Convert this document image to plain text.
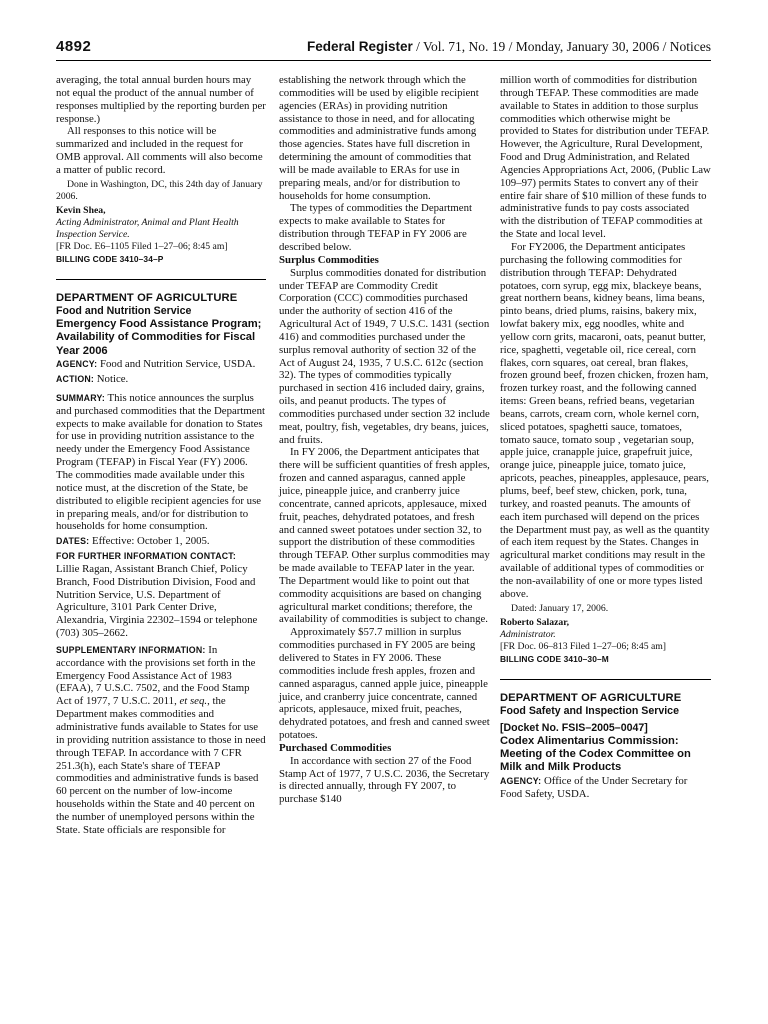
4892	Federal Register / Vol. 71, No. 19 / Monday, January 30, 2006 / Notices

averaging, the total annual burden hours may not equal the product of the annual number of responses multiplied by the reporting burden per response.)

All responses to this notice will be summarized and included in the request for OMB approval. All comments will also become a matter of public record.

Done in Washington, DC, this 24th day of January 2006.

Kevin Shea,

Acting Administrator, Animal and Plant Health Inspection Service.

[FR Doc. E6–1105 Filed 1–27–06; 8:45 am]

BILLING CODE 3410–34–P

DEPARTMENT OF AGRICULTURE

Food and Nutrition Service

Emergency Food Assistance Program; Availability of Commodities for Fiscal Year 2006

AGENCY: Food and Nutrition Service, USDA.

ACTION: Notice.

SUMMARY: This notice announces the surplus and purchased commodities that the Department expects to make available for donation to States for use in providing nutrition assistance to the needy under the Emergency Food Assistance Program (TEFAP) in Fiscal Year (FY) 2006. The commodities made available under this notice must, at the discretion of the State, be distributed to eligible recipient agencies for use in preparing meals, and/or for distribution to households for home consumption.

DATES: Effective: October 1, 2005.

FOR FURTHER INFORMATION CONTACT:

Lillie Ragan, Assistant Branch Chief, Policy Branch, Food Distribution Division, Food and Nutrition Service, U.S. Department of Agriculture, 3101 Park Center Drive, Alexandria, Virginia 22302–1594 or telephone (703) 305–2662.

SUPPLEMENTARY INFORMATION: In accordance with the provisions set forth in the Emergency Food Assistance Act of 1983 (EFAA), 7 U.S.C. 7502, and the Food Stamp Act of 1977, 7 U.S.C. 2011, et seq., the Department makes commodities and administrative funds available to States for use in providing nutrition assistance to those in need through TEFAP. In accordance with 7 CFR 251.3(h), each State's share of TEFAP commodities and administrative funds is based 60 percent on the number of low-income households within the State and 40 percent on the number of unemployed persons within the State. State officials are responsible for

establishing the network through which the commodities will be used by eligible recipient agencies (ERAs) in providing nutrition assistance to those in need, and for allocating commodities and administrative funds among those agencies. States have full discretion in determining the amount of commodities that will be made available to ERAs for use in preparing meals, and/or for distribution to households for home consumption.

The types of commodities the Department expects to make available to States for distribution through TEFAP in FY 2006 are described below.

Surplus Commodities

Surplus commodities donated for distribution under TEFAP are Commodity Credit Corporation (CCC) commodities purchased under the authority of section 416 of the Agricultural Act of 1949, 7 U.S.C. 1431 (section 416) and commodities purchased under the surplus removal authority of section 32 of the Act of August 24, 1935, 7 U.S.C. 612c (section 32). The types of commodities typically purchased in section 416 included dairy, grains, oils, and peanut products. The types of commodities purchased under section 32 include meat, poultry, fish, vegetables, dry beans, juices, and fruits.

In FY 2006, the Department anticipates that there will be sufficient quantities of fresh apples, frozen and canned asparagus, canned apple juice, pineapple juice, and cranberry juice concentrate, canned apricots, applesauce, mixed fruit, peaches, dehydrated potatoes, and fresh and canned sweet potatoes under section 32, to support the distribution of these commodities through TEFAP. Other surplus commodities may be made available to TEFAP later in the year. The Department would like to point out that commodity acquisitions are based on changing agricultural market conditions; therefore, the availability of commodities is subject to change.

Approximately $57.7 million in surplus commodities purchased in FY 2005 are being delivered to States in FY 2006. These commodities include fresh apples, frozen and canned asparagus, canned apple juice, pineapple juice, and cranberry juice concentrate, canned apricots, applesauce, mixed fruit, peaches, dehydrated potatoes, and fresh and canned sweet potatoes.

Purchased Commodities

In accordance with section 27 of the Food Stamp Act of 1977, 7 U.S.C. 2036, the Secretary is directed annually, through FY 2007, to purchase $140

million worth of commodities for distribution through TEFAP. These commodities are made available to States in addition to those surplus commodities which otherwise might be provided to States for distribution under TEFAP. However, the Agriculture, Rural Development, Food and Drug Administration, and Related Agencies Appropriations Act, 2006, (Public Law 109–97) permits States to convert any of their entire fair share of $10 million of these funds to administrative funds to pay costs associated with the distribution of TEFAP commodities at the State and local level.

For FY2006, the Department anticipates purchasing the following commodities for distribution through TEFAP: Dehydrated potatoes, corn syrup, egg mix, blackeye beans, great northern beans, kidney beans, lima beans, pinto beans, dried plums, raisins, bakery mix, lowfat bakery mix, egg noodles, white and yellow corn grits, macaroni, oats, peanut butter, rice, spaghetti, vegetable oil, rice cereal, corn flakes, corn squares, oat cereal, bran flakes, frozen ground beef, frozen chicken, frozen ham, frozen turkey roast, and the following canned items: Green beans, refried beans, vegetarian beans, carrots, cream corn, whole kernel corn, sliced potatoes, spaghetti sauce, tomatoes, tomato sauce, tomato soup , vegetarian soup, apple juice, cranapple juice, grapefruit juice, orange juice, pineapple juice, tomato juice, apricots, peaches, pineapples, applesauce, pears, plums, beef, beef stew, chicken, pork, tuna, turkey, and roasted peanuts. The amounts of each item purchased will depend on the prices the Department must pay, as well as the quantity of each item request by the States. Changes in agricultural market conditions may result in the available of additional types of commodities or the non-availability of one or more types listed above.

Dated: January 17, 2006.

Roberto Salazar,

Administrator.

[FR Doc. 06–813 Filed 1–27–06; 8:45 am]

BILLING CODE 3410–30–M

DEPARTMENT OF AGRICULTURE

Food Safety and Inspection Service

[Docket No. FSIS–2005–0047]

Codex Alimentarius Commission: Meeting of the Codex Committee on Milk and Milk Products

AGENCY: Office of the Under Secretary for Food Safety, USDA.
